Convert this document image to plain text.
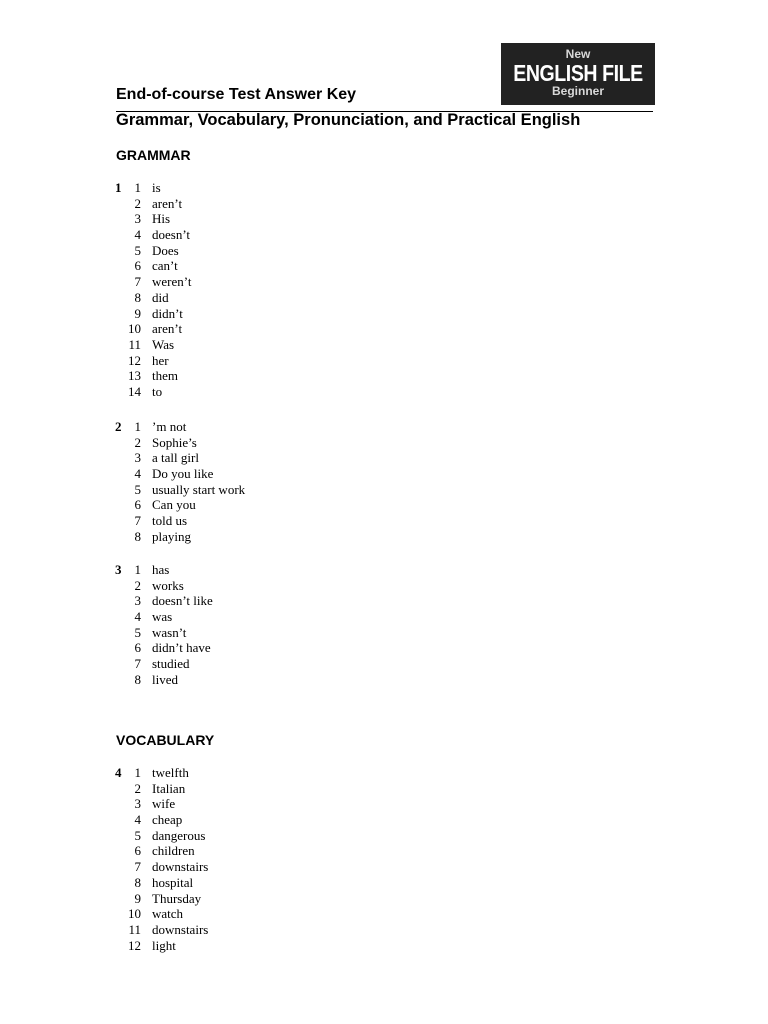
New
ENGLISH FILE
Beginner
End-of-course Test Answer Key
Grammar, Vocabulary, Pronunciation, and Practical English
GRAMMAR
VOCABULARY
1	1 is
2 aren’t
3 His
4 doesn’t
5 Does
6 can’t
7 weren’t
8 did
9 didn’t
10 aren’t
11 Was
12 her
13 them
14 to
2	1 ’m not
2 Sophie’s
3 a tall girl
4 Do you like
5 usually start work
6 Can you
7 told us
8 playing
3	1 has
2 works
3 doesn’t like
4 was
5 wasn’t
6 didn’t have
7 studied
8 lived
4	1 twelfth
2 Italian
3 wife
4 cheap
5 dangerous
6 children
7 downstairs
8 hospital
9 Thursday
10 watch
11 downstairs
12 light
